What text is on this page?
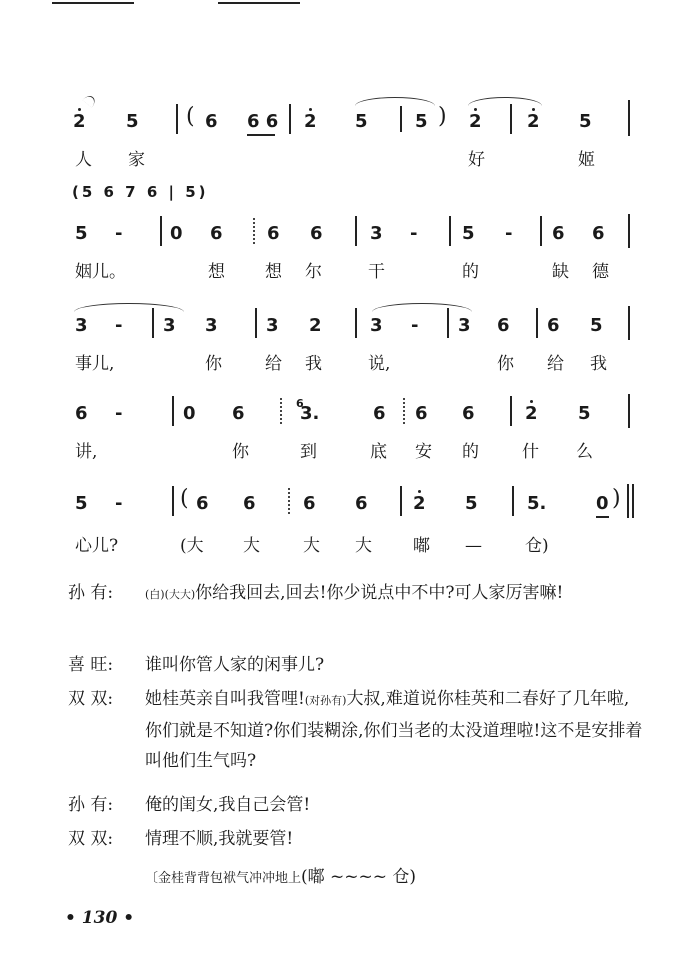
2 5 ( 6 6 6 2 5	5 ) 2	2 5
人 家	好	姬
(5 6 7 6 | 5)
5 -	0 6 6 6	3 - 5 - 6 6
姻儿。	想 想 尔	干	的	缺 德
3 - 3 3	3 2	3 - 3 6 6 5
事儿,	你	给 我	说,	你 给 我
6 -	0 6	6
3.	6 6 6	2 5
讲,	你	到	底 安 的	什 么
5 -	( 6 6	6 6	2 5	5.	0 )
心儿?	(大 大	大 大 嘟 —	仓)
孙 有:	(白)(大大)你给我回去,回去!你少说点中不中?可人家厉害嘛!
喜 旺: 谁叫你管人家的闲事儿?
双 双: 她桂英亲自叫我管哩!(对孙有)大叔,难道说你桂英和二春好了几年啦,你们就是不知道?你们装糊涂,你们当老的太没道理啦!这不是安排着叫他们生气吗?
孙 有: 俺的闺女,我自己会管!
双 双: 情理不顺,我就要管!
〔金桂背背包袱气冲冲地上(嘟 ~~~~ 仓)
• 130 •
